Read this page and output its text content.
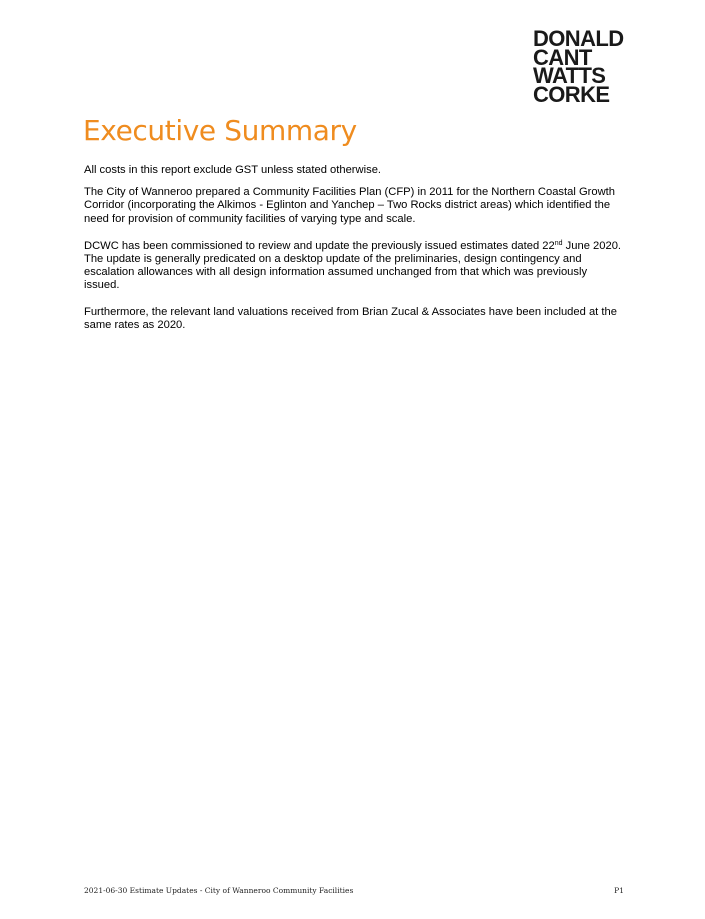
DONALD
CANT
WATTS
CORKE
Executive Summary

All costs in this report exclude GST unless stated otherwise.

The City of Wanneroo prepared a Community Facilities Plan (CFP) in 2011 for the Northern Coastal Growth Corridor (incorporating the Alkimos - Eglinton and Yanchep – Two Rocks district areas) which identified the need for provision of community facilities of varying type and scale.

DCWC has been commissioned to review and update the previously issued estimates dated 22nd June 2020. The update is generally predicated on a desktop update of the preliminaries, design contingency and escalation allowances with all design information assumed unchanged from that which was previously issued.

Furthermore, the relevant land valuations received from Brian Zucal & Associates have been included at the same rates as 2020.

2021-06-30 Estimate Updates - City of Wanneroo Community Facilities	P1
